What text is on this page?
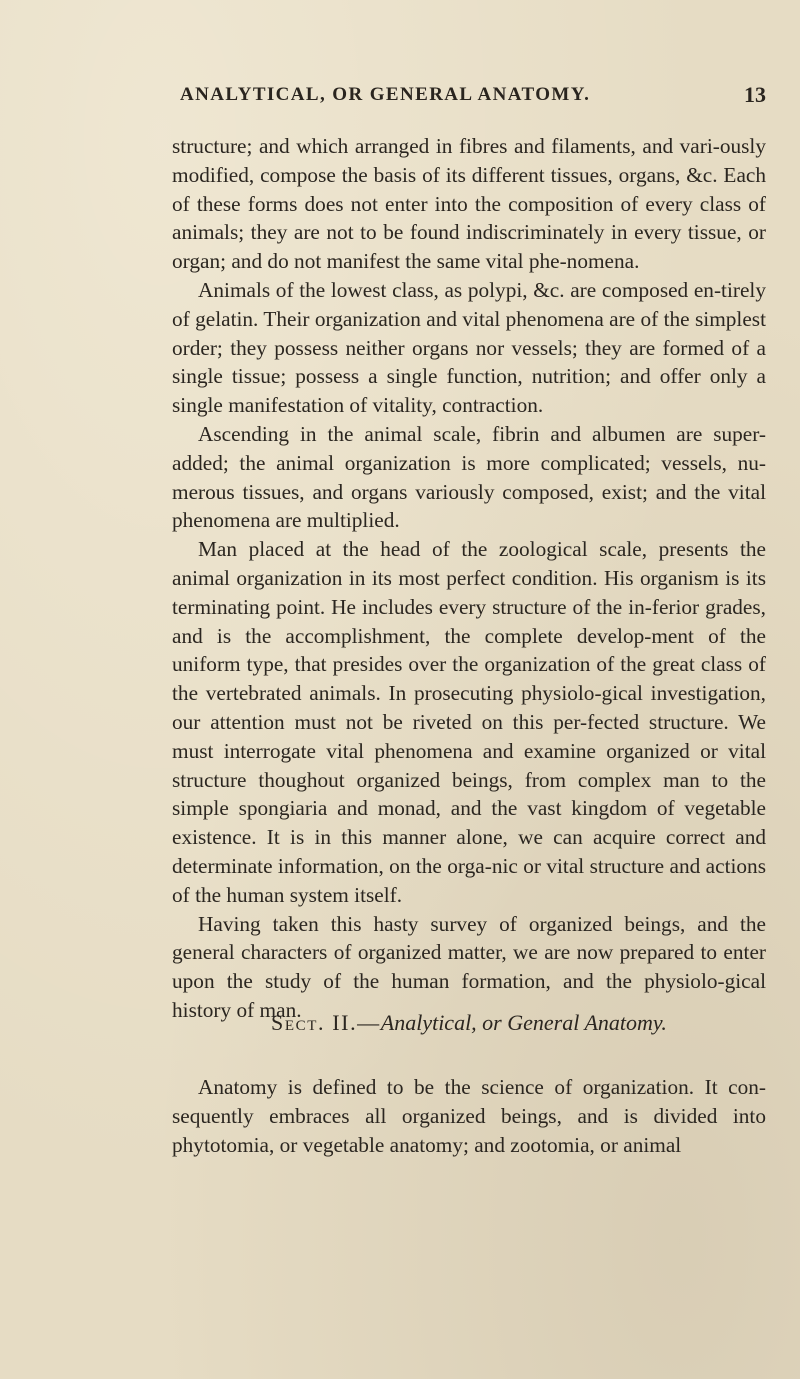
ANALYTICAL, OR GENERAL ANATOMY.	13

structure; and which arranged in fibres and filaments, and vari-ously modified, compose the basis of its different tissues, organs, &c. Each of these forms does not enter into the composition of every class of animals; they are not to be found indiscriminately in every tissue, or organ; and do not manifest the same vital phe-nomena.

Animals of the lowest class, as polypi, &c. are composed en-tirely of gelatin. Their organization and vital phenomena are of the simplest order; they possess neither organs nor vessels; they are formed of a single tissue; possess a single function, nutrition; and offer only a single manifestation of vitality, contraction.

Ascending in the animal scale, fibrin and albumen are super-added; the animal organization is more complicated; vessels, nu-merous tissues, and organs variously composed, exist; and the vital phenomena are multiplied.

Man placed at the head of the zoological scale, presents the animal organization in its most perfect condition. His organism is its terminating point. He includes every structure of the in-ferior grades, and is the accomplishment, the complete develop-ment of the uniform type, that presides over the organization of the great class of the vertebrated animals. In prosecuting physiolo-gical investigation, our attention must not be riveted on this per-fected structure. We must interrogate vital phenomena and examine organized or vital structure thoughout organized beings, from complex man to the simple spongiaria and monad, and the vast kingdom of vegetable existence. It is in this manner alone, we can acquire correct and determinate information, on the orga-nic or vital structure and actions of the human system itself.

Having taken this hasty survey of organized beings, and the general characters of organized matter, we are now prepared to enter upon the study of the human formation, and the physiolo-gical history of man.

Sect. II.—Analytical, or General Anatomy.

Anatomy is defined to be the science of organization. It con-sequently embraces all organized beings, and is divided into phytotomia, or vegetable anatomy; and zootomia, or animal
